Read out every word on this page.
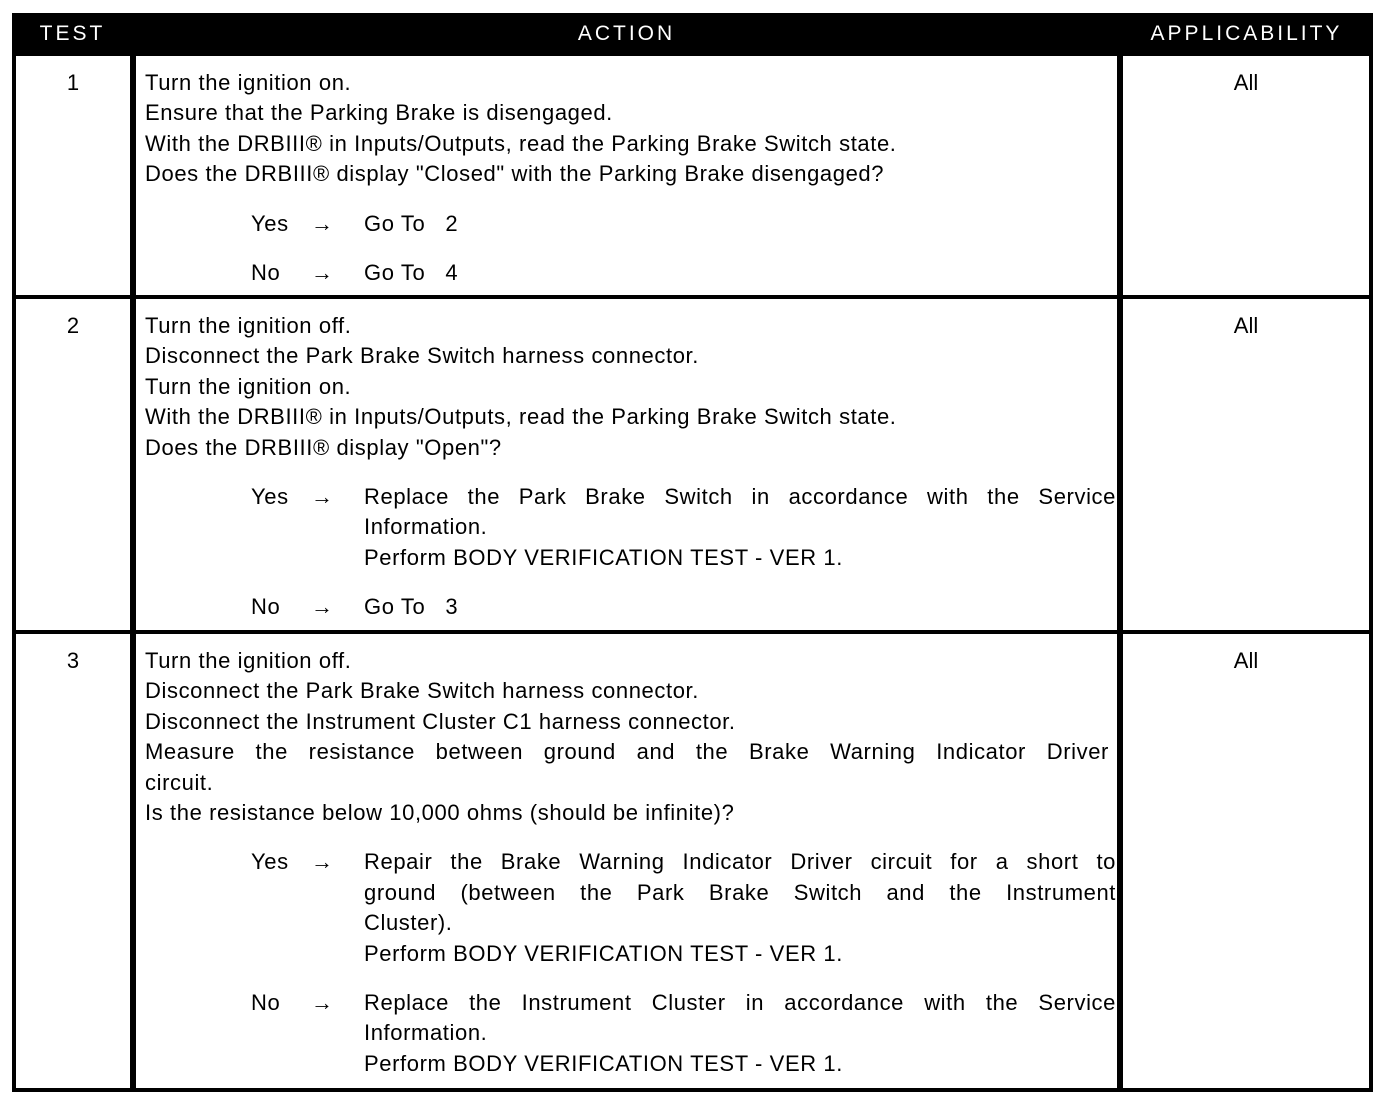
TEST	ACTION	APPLICABILITY
1	Turn the ignition on.
Ensure that the Parking Brake is disengaged.
With the DRBIII® in Inputs/Outputs, read the Parking Brake Switch state.
Does the DRBIII® display "Closed" with the Parking Brake disengaged?
Yes	→	Go To   2
No	→	Go To   4
All
2	Turn the ignition off.
Disconnect the Park Brake Switch harness connector.
Turn the ignition on.
With the DRBIII® in Inputs/Outputs, read the Parking Brake Switch state.
Does the DRBIII® display "Open"?
Yes	→	Replace the Park Brake Switch in accordance with the Service
Information.
Perform BODY VERIFICATION TEST - VER 1.
No	→	Go To   3
All
3	Turn the ignition off.
Disconnect the Park Brake Switch harness connector.
Disconnect the Instrument Cluster C1 harness connector.
Measure the resistance between ground and the Brake Warning Indicator Driver
circuit.
Is the resistance below 10,000 ohms (should be infinite)?
Yes	→	Repair the Brake Warning Indicator Driver circuit for a short to
ground (between the Park Brake Switch and the Instrument
Cluster).
Perform BODY VERIFICATION TEST - VER 1.
No	→	Replace the Instrument Cluster in accordance with the Service
Information.
Perform BODY VERIFICATION TEST - VER 1.
All
